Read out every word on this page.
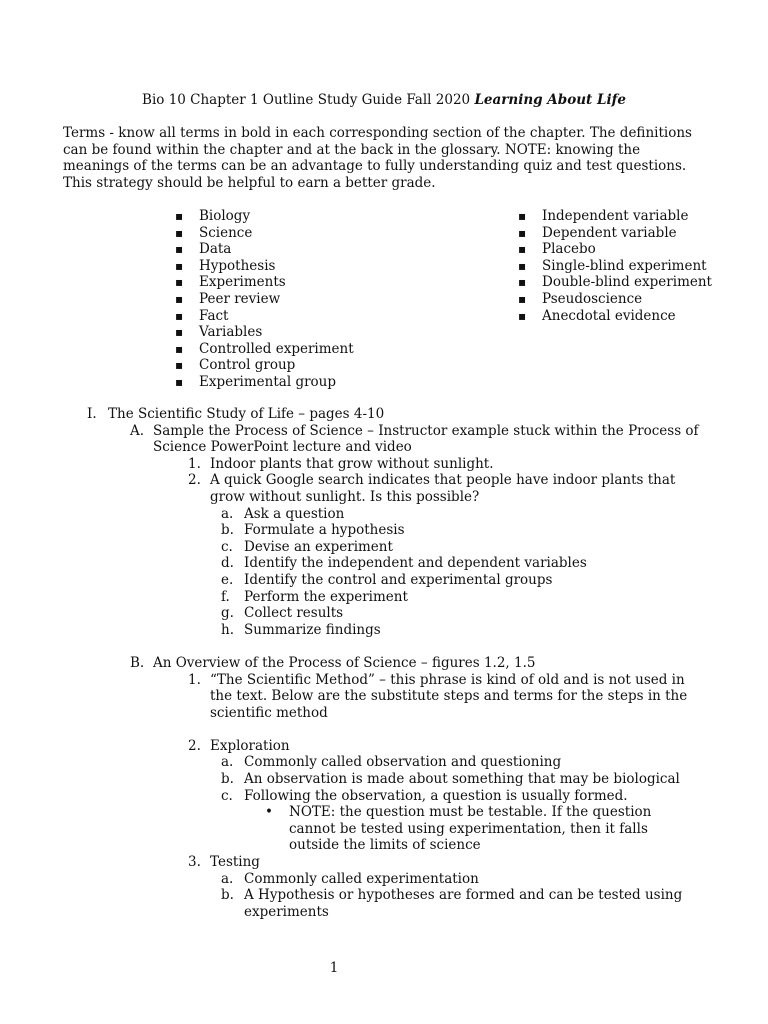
Bio 10 Chapter 1 Outline Study Guide Fall 2020 Learning About Life
Terms - know all terms in bold in each corresponding section of the chapter. The definitions can be found within the chapter and at the back in the glossary. NOTE: knowing the meanings of the terms can be an advantage to fully understanding quiz and test questions. This strategy should be helpful to earn a better grade.
▪ Biology
▪ Science
▪ Data
▪ Hypothesis
▪ Experiments
▪ Peer review
▪ Fact
▪ Variables
▪ Controlled experiment
▪ Control group
▪ Experimental group
▪ Independent variable
▪ Dependent variable
▪ Placebo
▪ Single-blind experiment
▪ Double-blind experiment
▪ Pseudoscience
▪ Anecdotal evidence
I. The Scientific Study of Life – pages 4-10
A. Sample the Process of Science – Instructor example stuck within the Process of Science PowerPoint lecture and video
1. Indoor plants that grow without sunlight.
2. A quick Google search indicates that people have indoor plants that grow without sunlight. Is this possible?
a. Ask a question
b. Formulate a hypothesis
c. Devise an experiment
d. Identify the independent and dependent variables
e. Identify the control and experimental groups
f. Perform the experiment
g. Collect results
h. Summarize findings
B. An Overview of the Process of Science – figures 1.2, 1.5
1. “The Scientific Method” – this phrase is kind of old and is not used in the text. Below are the substitute steps and terms for the steps in the scientific method
2. Exploration
a. Commonly called observation and questioning
b. An observation is made about something that may be biological
c. Following the observation, a question is usually formed.
• NOTE: the question must be testable. If the question cannot be tested using experimentation, then it falls outside the limits of science
3. Testing
a. Commonly called experimentation
b. A Hypothesis or hypotheses are formed and can be tested using experiments
1
